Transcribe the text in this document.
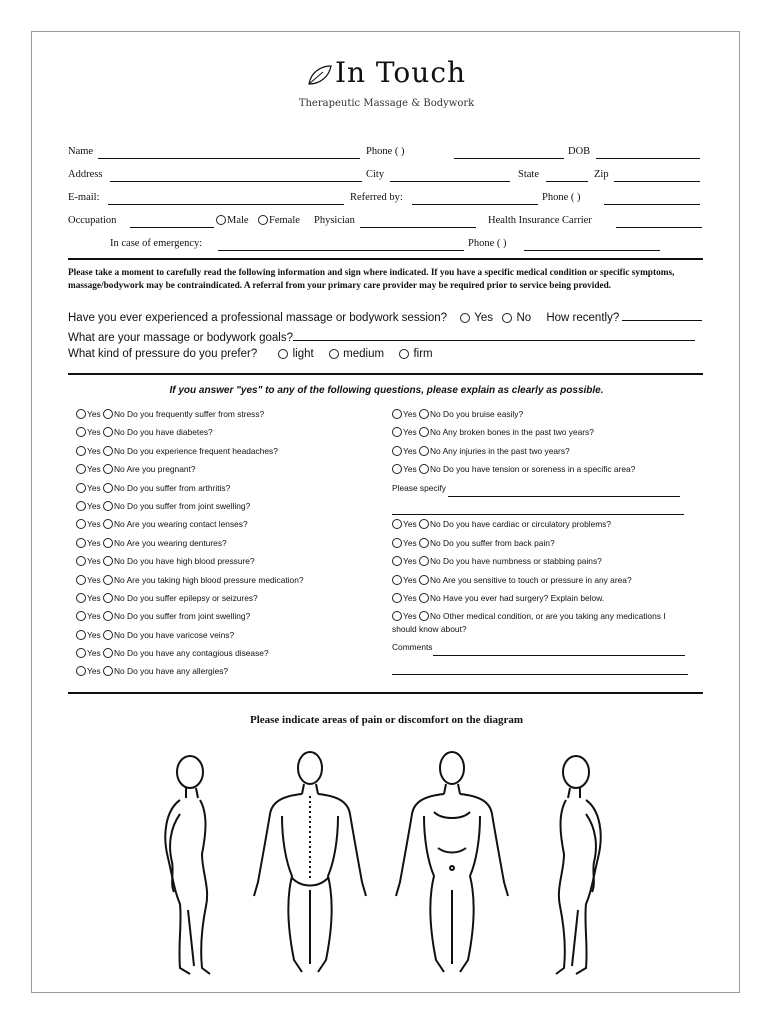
In Touch
Therapeutic Massage & Bodywork
Name	Phone ( )	DOB
Address	City	State	Zip
E-mail:	Referred by:	Phone ( )
Occupation	Male	Female Physician	Health Insurance Carrier
In case of emergency:	Phone ( )
Please take a moment to carefully read the following information and sign where indicated. If you have a specific medical condition or specific symptoms, massage/bodywork may be contraindicated. A referral from your primary care provider may be required prior to service being provided.
Have you ever experienced a professional massage or bodywork session? Yes No How recently?
What are your massage or bodywork goals?
What kind of pressure do you prefer?	light	medium	firm
If you answer "yes" to any of the following questions, please explain as clearly as possible.
Yes No Do you frequently suffer from stress?
Yes No Do you have diabetes?
Yes No Do you experience frequent headaches?
Yes No Are you pregnant?
Yes No Do you suffer from arthritis?
Yes No Do you suffer from joint swelling?
Yes No Are you wearing contact lenses?
Yes No Are you wearing dentures?
Yes No Do you have high blood pressure?
Yes No Are you taking high blood pressure medication?
Yes No Do you suffer epilepsy or seizures?
Yes No Do you suffer from joint swelling?
Yes No Do you have varicose veins?
Yes No Do you have any contagious disease?
Yes No Do you have any allergies?
Yes No Do you bruise easily?
Yes No Any broken bones in the past two years?
Yes No Any injuries in the past two years?
Yes No Do you have tension or soreness in a specific area?
Please specify
Yes No Do you have cardiac or circulatory problems?
Yes No Do you suffer from back pain?
Yes No Do you have numbness or stabbing pains?
Yes No Are you sensitive to touch or pressure in any area?
Yes No Have you ever had surgery? Explain below.
Yes No Other medical condition, or are you taking any medications I
should know about?
Comments
Please indicate areas of pain or discomfort on the diagram
